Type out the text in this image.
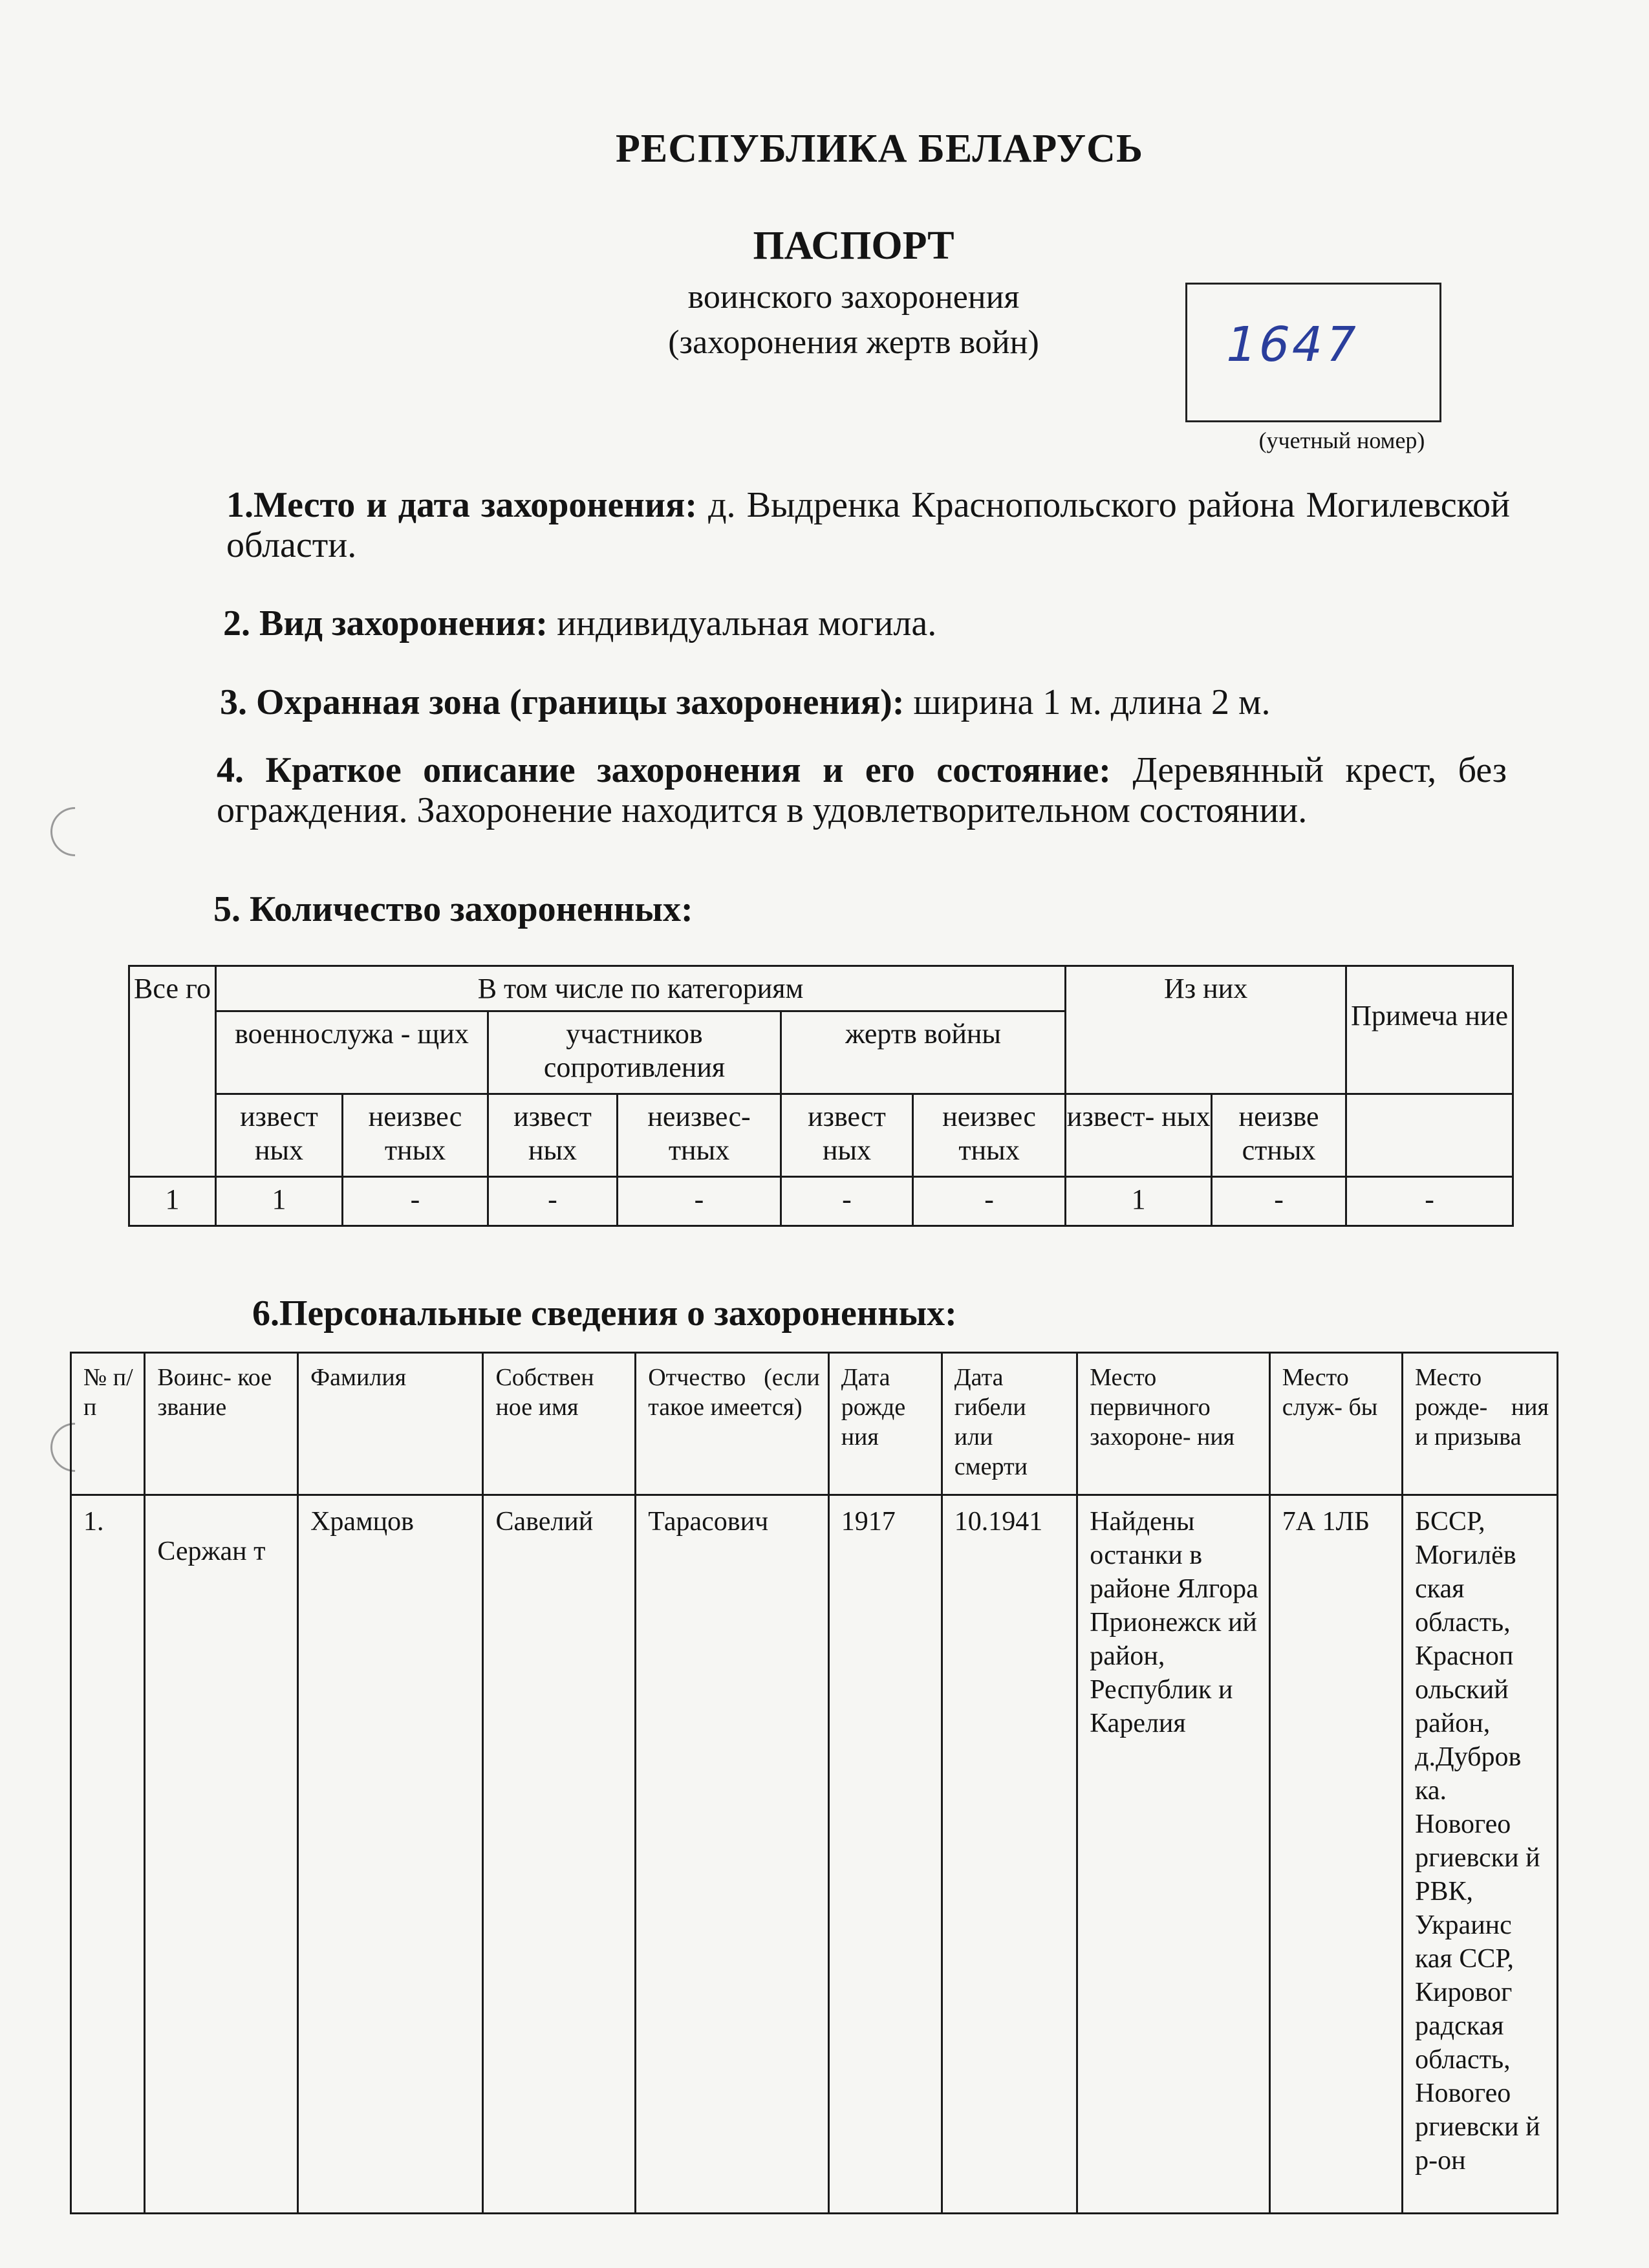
РЕСПУБЛИКА БЕЛАРУСЬ
ПАСПОРТ
воинского захоронения
(захоронения жертв войн)	1647
(учетный номер)
1.Место и дата захоронения: д. Выдренка Краснопольского района Могилевской области.
2. Вид захоронения: индивидуальная могила.
3. Охранная зона (границы захоронения): ширина 1 м. длина 2 м.
4. Краткое описание захоронения и его состояние: Деревянный крест, без ограждения. Захоронение находится в удовлетворительном состоянии.
5. Количество захороненных:
Все го	В том числе по категориям						Из них		Примеча ние
	военнослужа - щих		участников сопротивления		жертв войны				
	извест ных	неизвес тных	извест ных	неизвес- тных	извест ных	неизвес тных	извест- ных	неизве стных	
1	1	-	-	-	-	-	1	-	-
6.Персональные сведения о захороненных:
№ п/п	Воинс- кое звание	Фамилия	Собствен ное имя	Отчество (если такое имеется)	Дата рожде ния	Дата гибели или смерти	Место первичного захороне- ния	Место служ- бы	Место рожде- ния и призыва
1.	Сержан т	Храмцов	Савелий	Тарасович	1917	10.1941	Найдены останки в районе Ялгора Прионежск ий район, Республик и Карелия	7А 1ЛБ	БССР, Могилёв ская область, Красноп ольский район, д.Дубров ка. Новогео ргиевски й РВК, Украинс кая ССР, Кировог радская область, Новогео ргиевски й р-он
